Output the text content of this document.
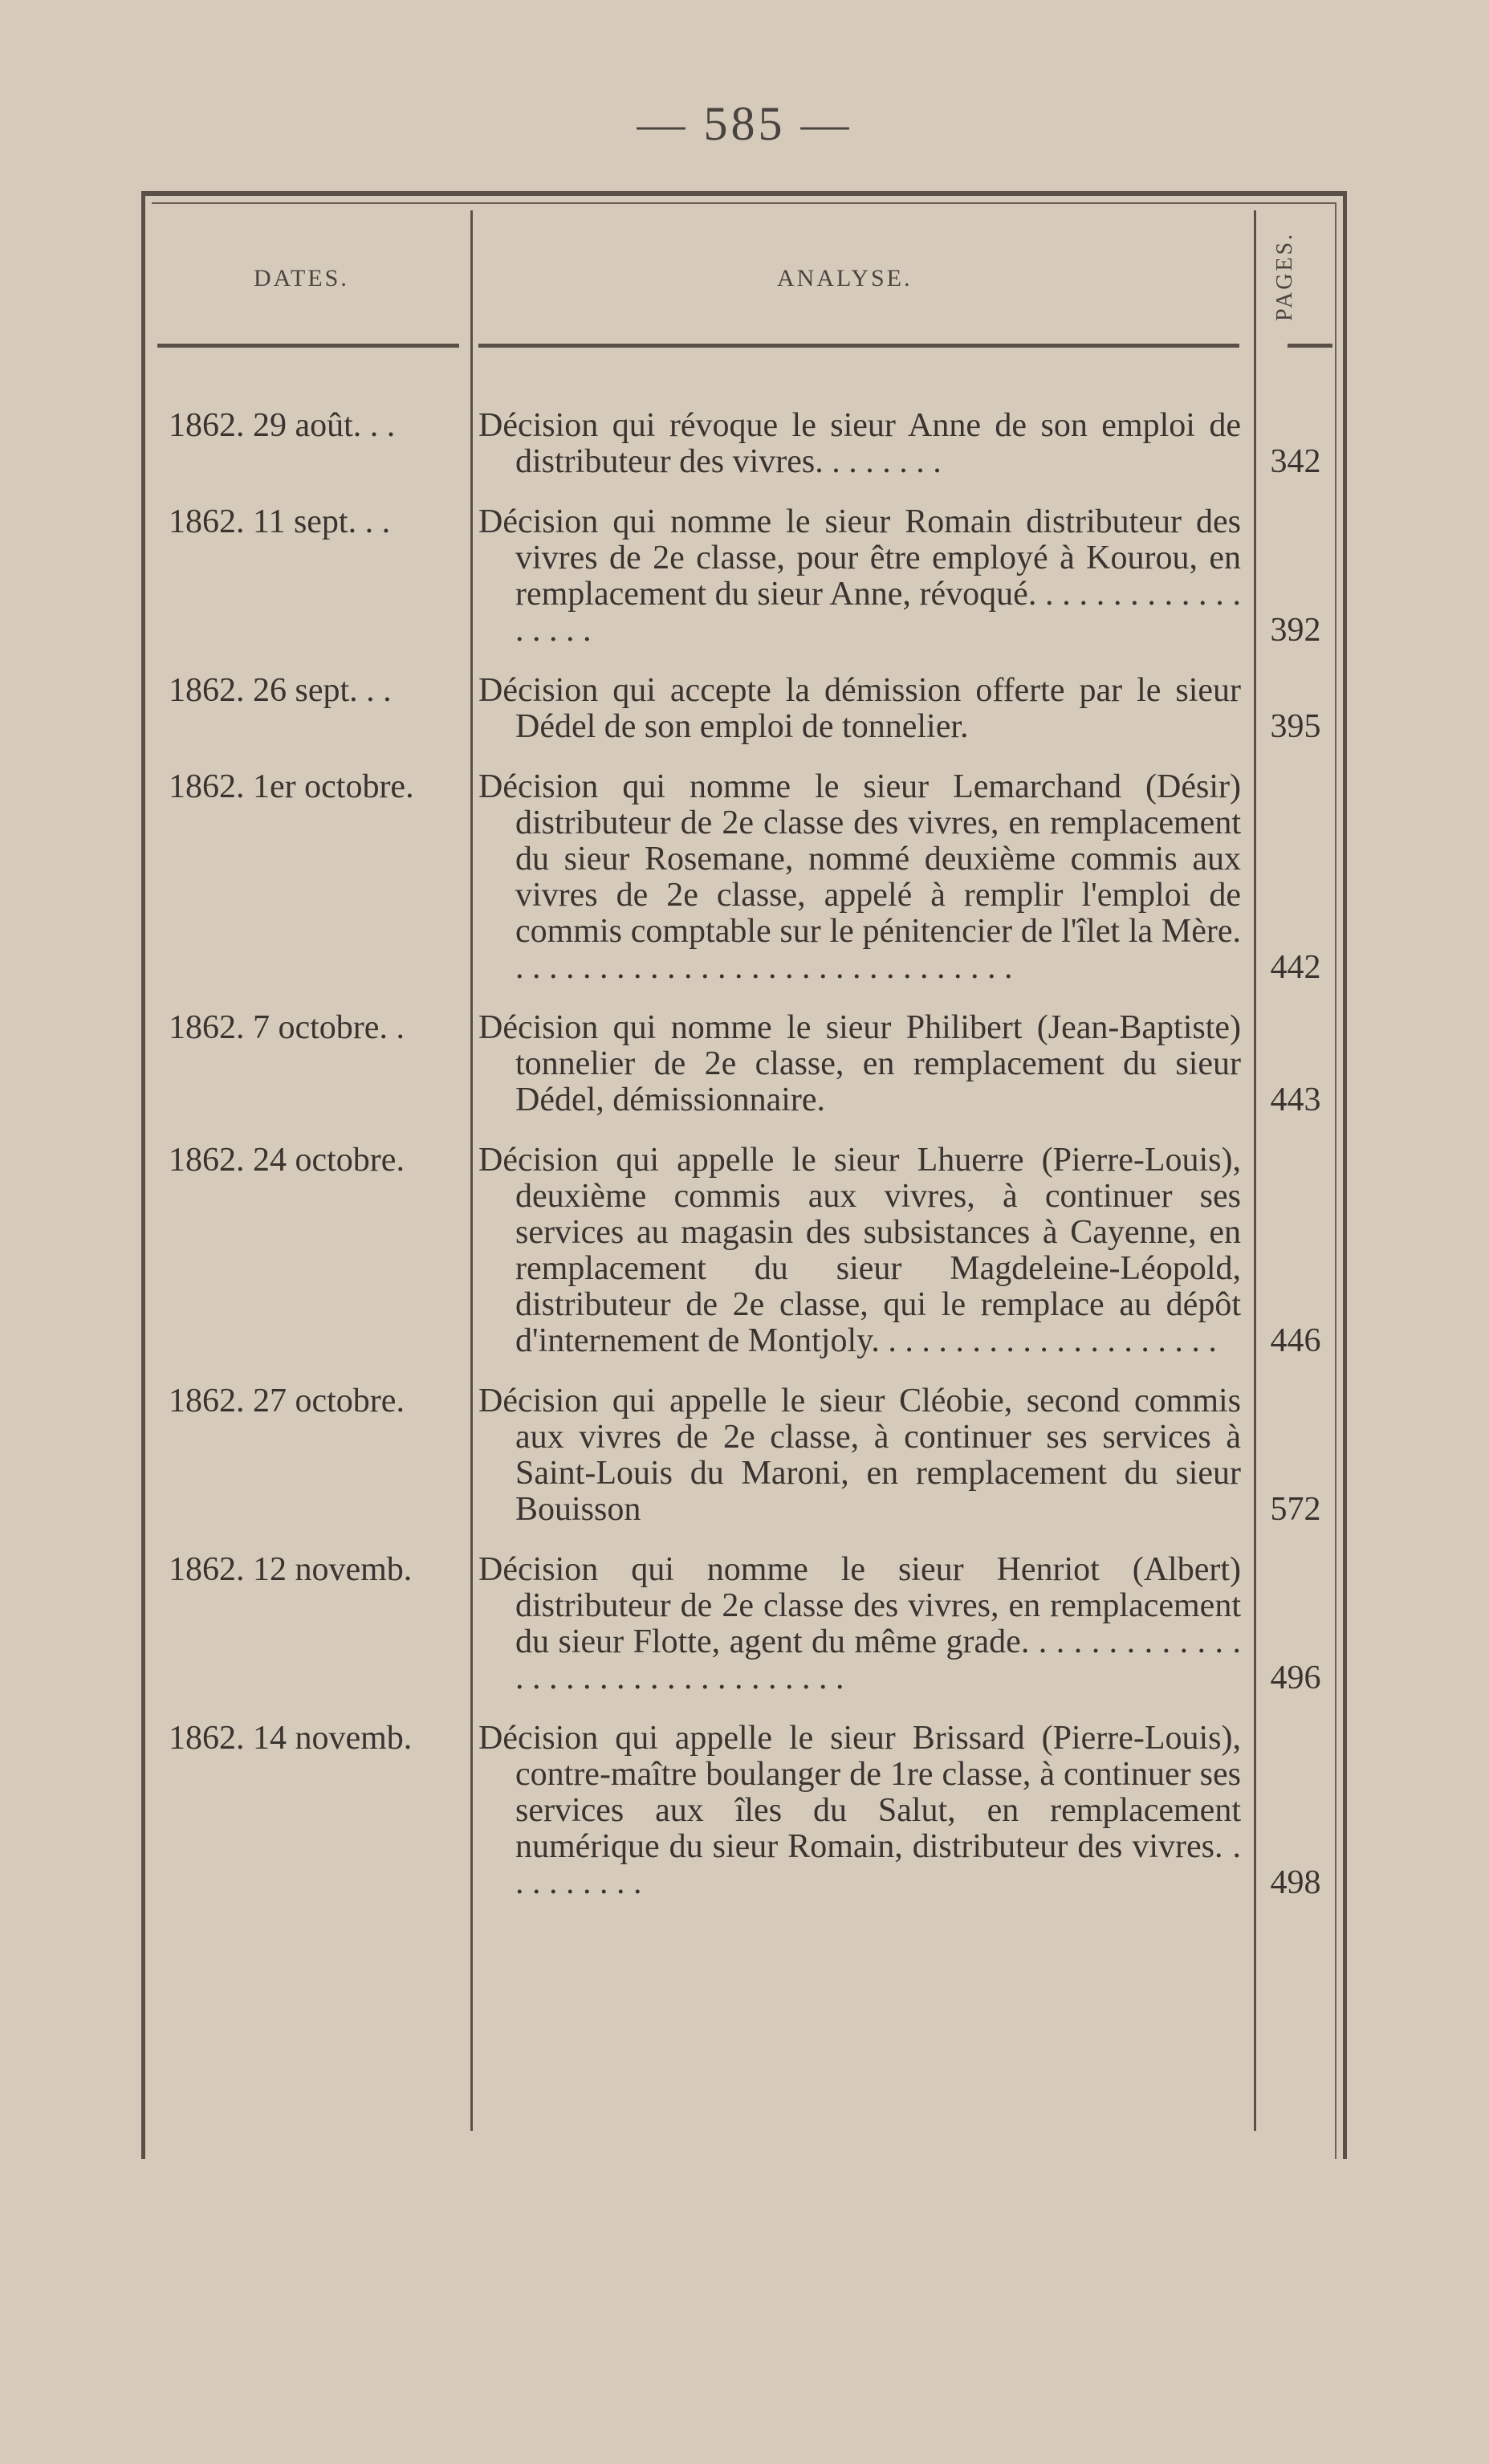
— 585 —
DATES.	ANALYSE.	PAGES.
1862. 29 août. . .	Décision qui révoque le sieur Anne de son emploi de distributeur des vivres. . . . . . . .	342
1862. 11 sept. . .	Décision qui nomme le sieur Romain distributeur des vivres de 2e classe, pour être employé à Kourou, en remplacement du sieur Anne, révoqué. . . . . . . . . . . . . . . . . .	392
1862. 26 sept. . .	Décision qui accepte la démission offerte par le sieur Dédel de son emploi de tonnelier.	395
1862. 1er octobre.	Décision qui nomme le sieur Lemarchand (Désir) distributeur de 2e classe des vivres, en remplacement du sieur Rosemane, nommé deuxième commis aux vivres de 2e classe, appelé à remplir l'emploi de commis comptable sur le pénitencier de l'îlet la Mère. . . . . . . . . . . . . . . . . . . . . . . . . . . . . . .	442
1862. 7 octobre. .	Décision qui nomme le sieur Philibert (Jean-Baptiste) tonnelier de 2e classe, en remplacement du sieur Dédel, démissionnaire.	443
1862. 24 octobre.	Décision qui appelle le sieur Lhuerre (Pierre-Louis), deuxième commis aux vivres, à continuer ses services au magasin des subsistances à Cayenne, en remplacement du sieur Magdeleine-Léopold, distributeur de 2e classe, qui le remplace au dépôt d'internement de Montjoly. . . . . . . . . . . . . . . . . . . . .	446
1862. 27 octobre.	Décision qui appelle le sieur Cléobie, second commis aux vivres de 2e classe, à continuer ses services à Saint-Louis du Maroni, en remplacement du sieur Bouisson	572
1862. 12 novemb.	Décision qui nomme le sieur Henriot (Albert) distributeur de 2e classe des vivres, en remplacement du sieur Flotte, agent du même grade. . . . . . . . . . . . . . . . . . . . . . . . . . . . . . . . .	496
1862. 14 novemb.	Décision qui appelle le sieur Brissard (Pierre-Louis), contre-maître boulanger de 1re classe, à continuer ses services aux îles du Salut, en remplacement numérique du sieur Romain, distributeur des vivres. . . . . . . . . .	498
